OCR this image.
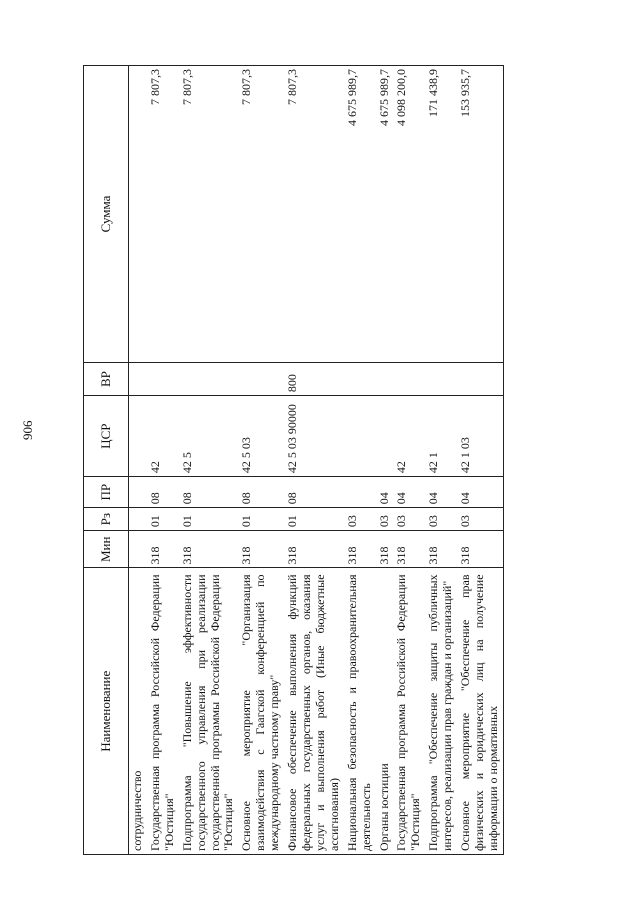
906
Наименование	Мин	Рз	ПР	ЦСР	ВР	Сумма
сотрудничество						
Государственная программа Российской Федерации "Юстиция"	318	01	08	42		7 807,3
Подпрограмма "Повышение эффективности государственного управления при реализации государственной программы Российской Федерации "Юстиция"	318	01	08	42 5		7 807,3
Основное мероприятие "Организация взаимодействия с Гаагской конференцией по международному частному праву"	318	01	08	42 5 03		7 807,3
Финансовое обеспечение выполнения функций федеральных государственных органов, оказания услуг и выполнения работ (Иные бюджетные ассигнования)	318	01	08	42 5 03 90000	800	7 807,3
Национальная безопасность и правоохранительная деятельность	318	03				4 675 989,7
Органы юстиции	318	03	04			4 675 989,7
Государственная программа Российской Федерации "Юстиция"	318	03	04	42		4 098 200,0
Подпрограмма "Обеспечение защиты публичных интересов, реализации прав граждан и организаций"	318	03	04	42 1		171 438,9
Основное мероприятие "Обеспечение прав физических и юридических лиц на получение информации о нормативных	318	03	04	42 1 03		153 935,7
